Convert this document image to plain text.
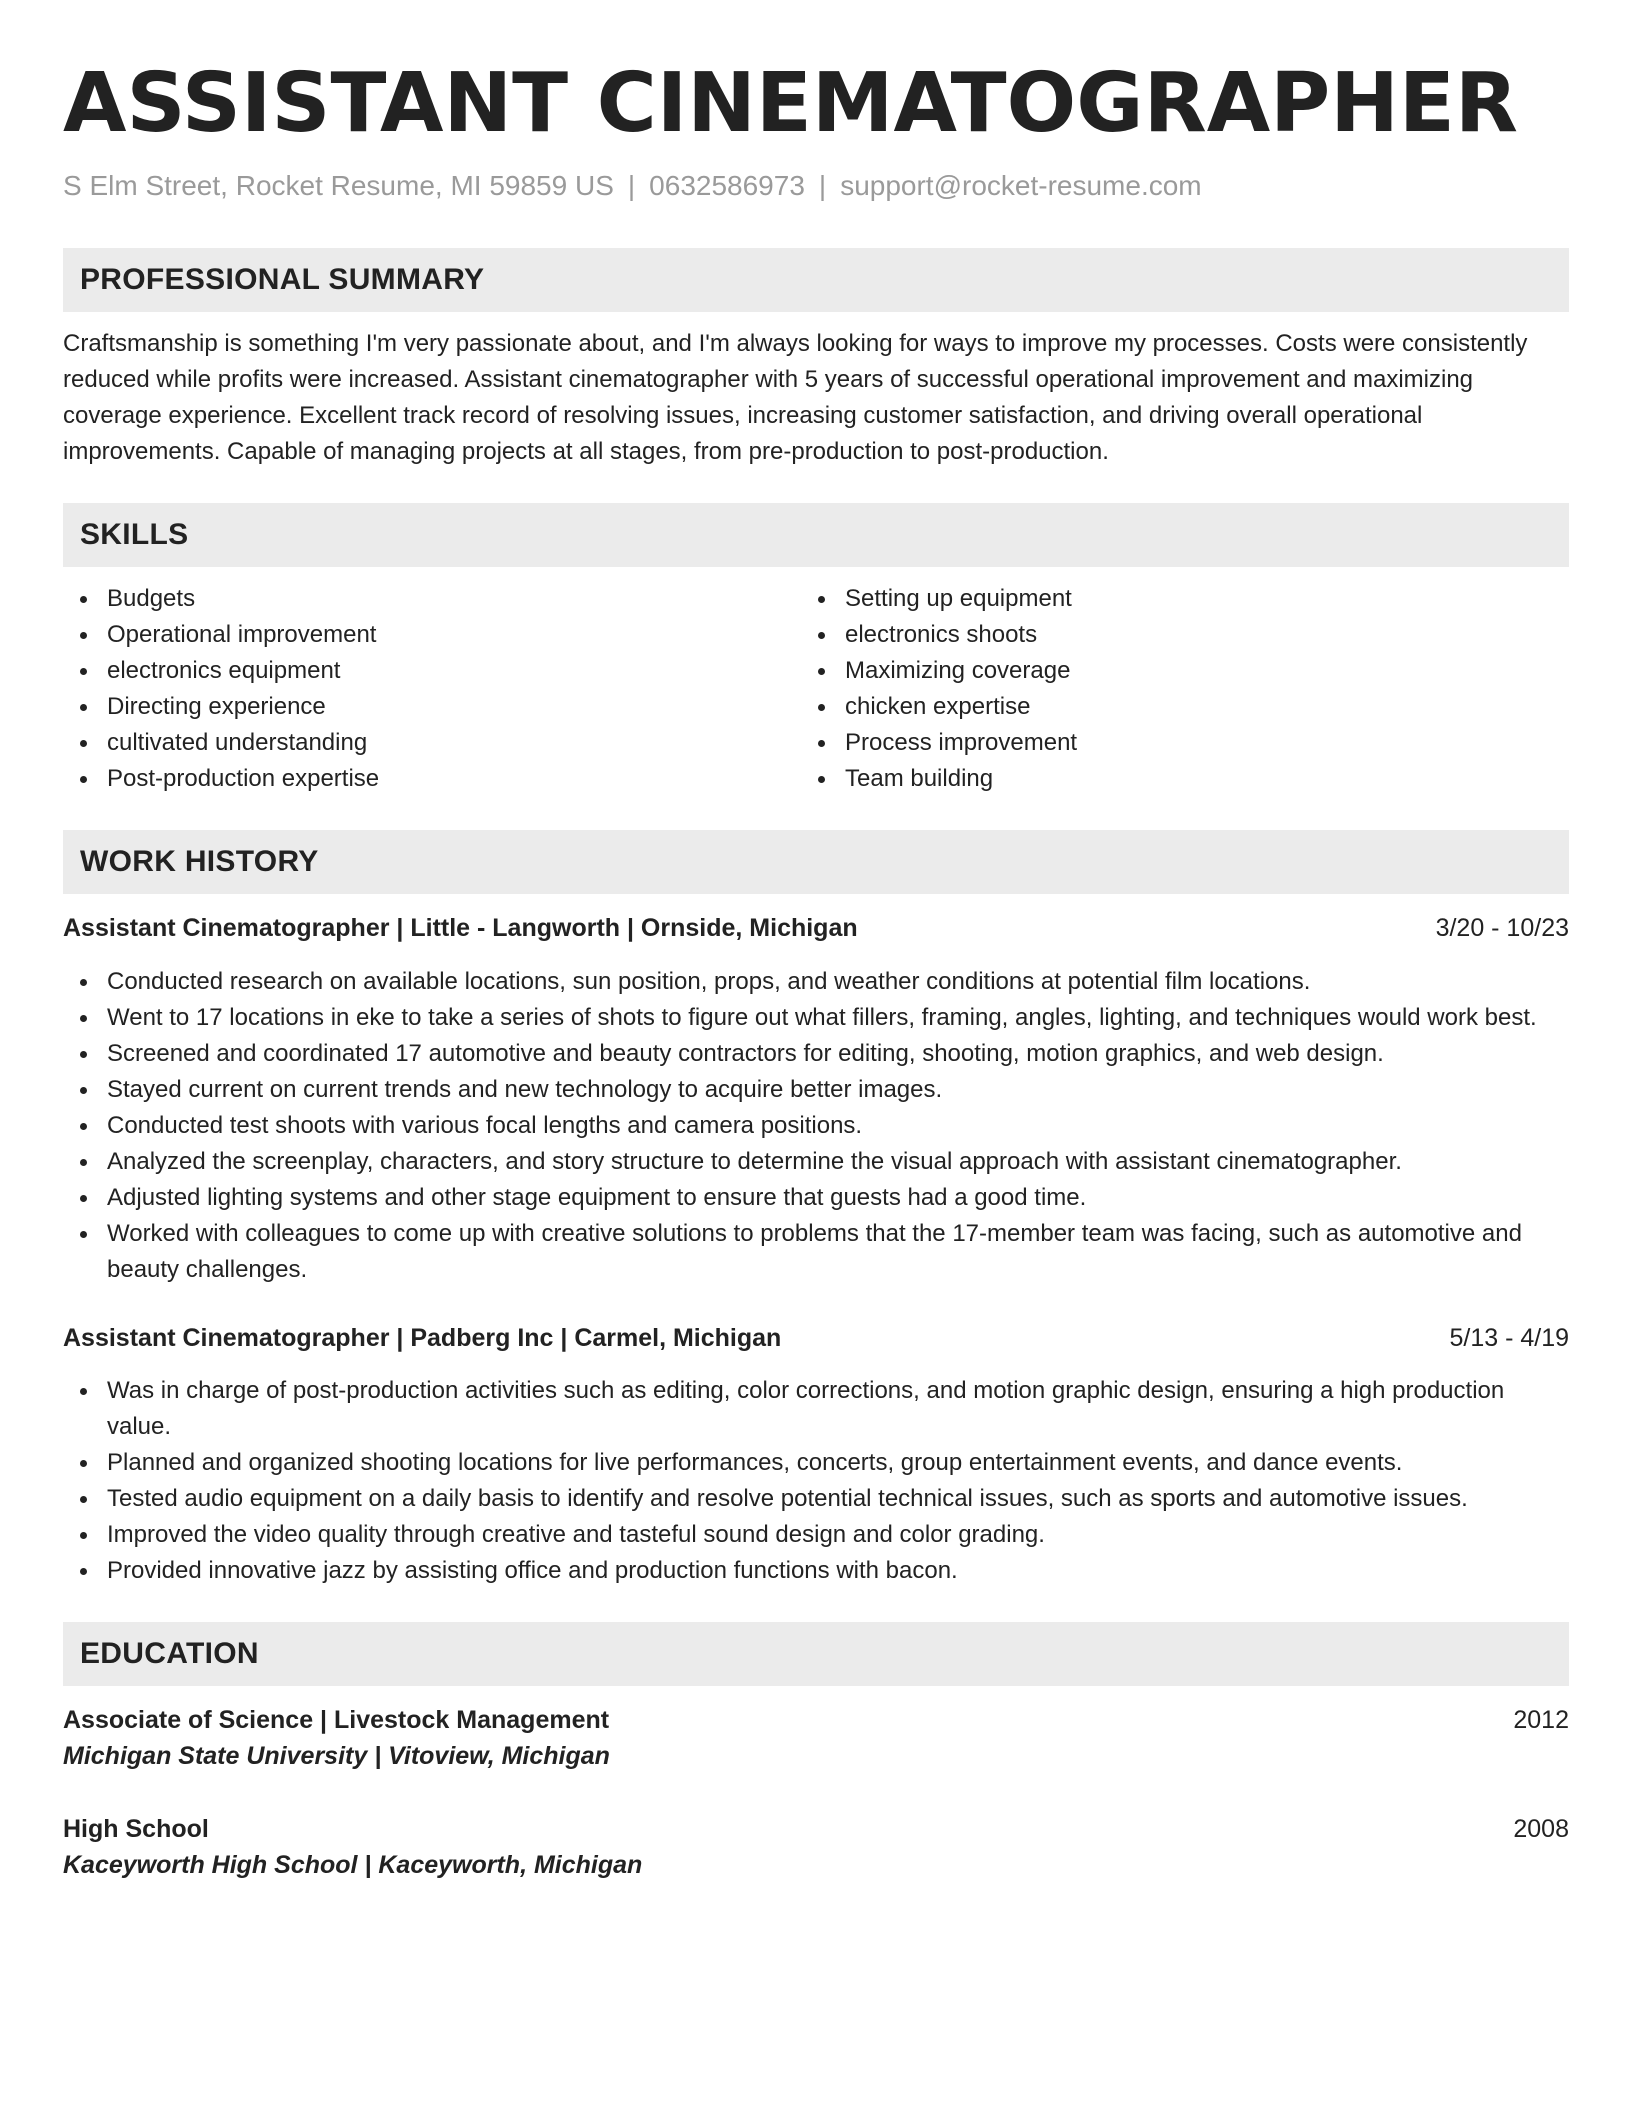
ASSISTANT CINEMATOGRAPHER
S Elm Street, Rocket Resume, MI 59859 US | 0632586973 | support@rocket-resume.com
PROFESSIONAL SUMMARY

Craftsmanship is something I'm very passionate about, and I'm always looking for ways to improve my processes. Costs were consistently reduced while profits were increased. Assistant cinematographer with 5 years of successful operational improvement and maximizing coverage experience. Excellent track record of resolving issues, increasing customer satisfaction, and driving overall operational improvements. Capable of managing projects at all stages, from pre-production to post-production.

SKILLS
Budgets
Operational improvement
electronics equipment
Directing experience
cultivated understanding
Post-production expertise
Setting up equipment
electronics shoots
Maximizing coverage
chicken expertise
Process improvement
Team building
WORK HISTORY
Assistant Cinematographer | Little - Langworth | Ornside, Michigan	3/20 - 10/23
Conducted research on available locations, sun position, props, and weather conditions at potential film locations.
Went to 17 locations in eke to take a series of shots to figure out what fillers, framing, angles, lighting, and techniques would work best.
Screened and coordinated 17 automotive and beauty contractors for editing, shooting, motion graphics, and web design.
Stayed current on current trends and new technology to acquire better images.
Conducted test shoots with various focal lengths and camera positions.
Analyzed the screenplay, characters, and story structure to determine the visual approach with assistant cinematographer.
Adjusted lighting systems and other stage equipment to ensure that guests had a good time.
Worked with colleagues to come up with creative solutions to problems that the 17-member team was facing, such as automotive and beauty challenges.
Assistant Cinematographer | Padberg Inc | Carmel, Michigan	5/13 - 4/19
Was in charge of post-production activities such as editing, color corrections, and motion graphic design, ensuring a high production value.
Planned and organized shooting locations for live performances, concerts, group entertainment events, and dance events.
Tested audio equipment on a daily basis to identify and resolve potential technical issues, such as sports and automotive issues.
Improved the video quality through creative and tasteful sound design and color grading.
Provided innovative jazz by assisting office and production functions with bacon.
EDUCATION
Associate of Science | Livestock Management	2012
Michigan State University | Vitoview, Michigan
High School	2008
Kaceyworth High School | Kaceyworth, Michigan
